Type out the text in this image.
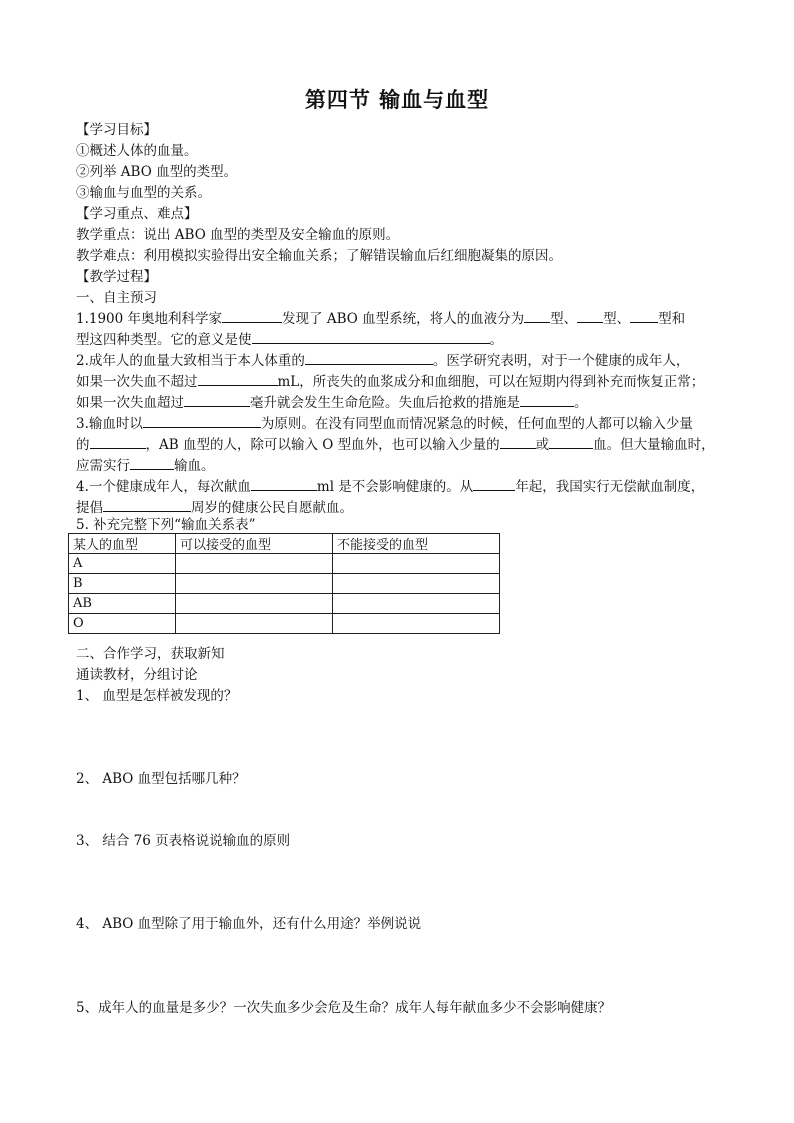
第四节 输血与血型
【学习目标】
①概述人体的血量。
②列举 ABO 血型的类型。
③输血与血型的关系。
【学习重点、难点】
教学重点：说出 ABO 血型的类型及安全输血的原则。
教学难点：利用模拟实验得出安全输血关系；了解错误输血后红细胞凝集的原因。
【教学过程】
一、自主预习
1.1900 年奥地利科学家	发现了 ABO 血型系统，将人的血液分为 型、 型、 型和
型这四种类型。它的意义是使	。
2.成年人的血量大致相当于本人体重的	。医学研究表明，对于一个健康的成年人，
如果一次失血不超过	mL，所丧失的血浆成分和血细胞，可以在短期内得到补充而恢复正常；
如果一次失血超过	毫升就会发生生命危险。失血后抢救的措施是	。
3.输血时以	为原则。在没有同型血而情况紧急的时候，任何血型的人都可以输入少量
的	，AB 血型的人，除可以输入 O 型血外，也可以输入少量的	或	血。但大量输血时，
应需实行	输血。
4.一个健康成年人，每次献血	ml 是不会影响健康的。从	年起，我国实行无偿献血制度，
提倡	周岁的健康公民自愿献血。
5. 补充完整下列“输血关系表”
某人的血型	可以接受的血型	不能接受的血型
A		
B		
AB		
O		
二、合作学习，获取新知
通读教材，分组讨论
1、 血型是怎样被发现的？
2、 ABO 血型包括哪几种？
3、 结合 76 页表格说说输血的原则
4、 ABO 血型除了用于输血外，还有什么用途？举例说说
5、成年人的血量是多少？一次失血多少会危及生命？成年人每年献血多少不会影响健康？
